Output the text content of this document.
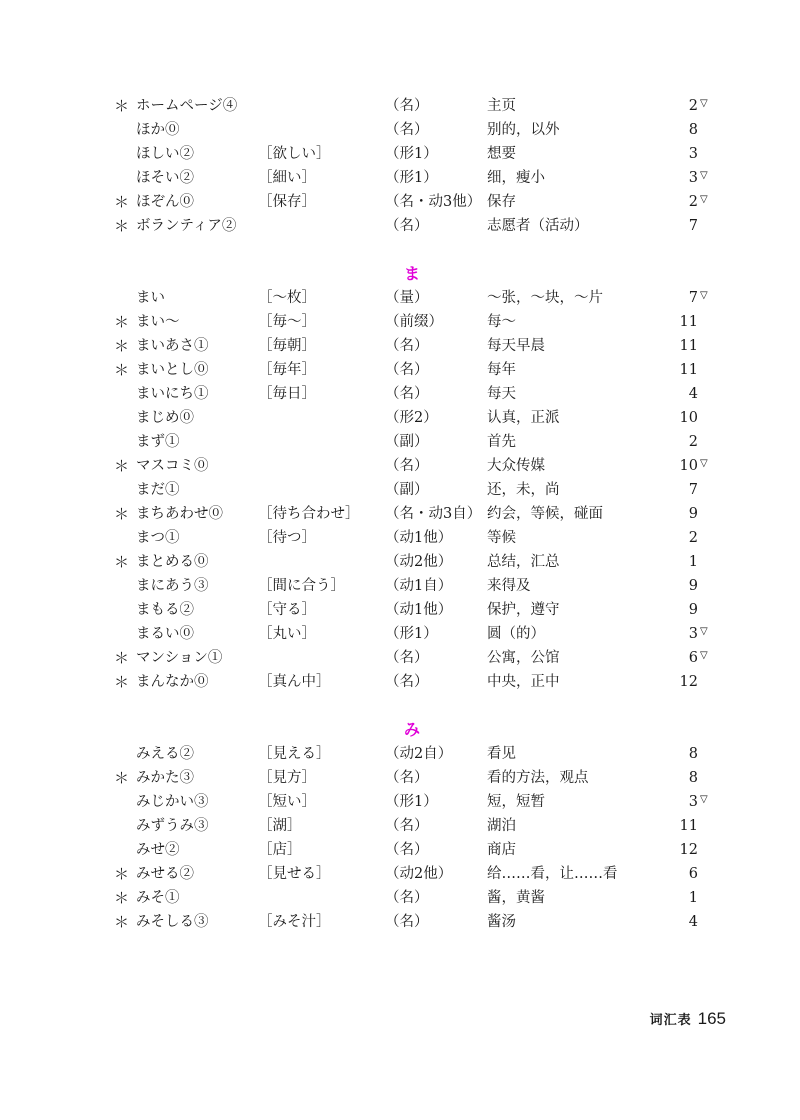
＊ ホームページ④	（名）	主页	2 ▽
ほか⓪	（名）	别的，以外	8
ほしい②	［欲しい］	（形1）	想要	3
ほそい②	［細い］	（形1）	细，瘦小	3 ▽
＊ ほぞん⓪	［保存］	（名・动3他） 保存	2 ▽
＊ ボランティア②	（名）	志愿者（活动）	7
ま
まい	［～枚］	（量）	～张，～块，～片	7 ▽
＊ まい～	［毎～］	（前缀）	每～	11
＊ まいあさ①	［毎朝］	（名）	每天早晨	11
＊ まいとし⓪	［毎年］	（名）	每年	11
まいにち①	［毎日］	（名）	每天	4
まじめ⓪	（形2）	认真，正派	10
まず①	（副）	首先	2
＊ マスコミ⓪	（名）	大众传媒	10 ▽
まだ①	（副）	还，未，尚	7
＊ まちあわせ⓪ ［待ち合わせ］ （名・动3自） 约会，等候，碰面	9
まつ①	［待つ］	（动1他） 等候	2
＊ まとめる⓪	（动2他） 总结，汇总	1
まにあう③	［間に合う］	（动1自） 来得及	9
まもる②	［守る］	（动1他） 保护，遵守	9
まるい⓪	［丸い］	（形1）	圆（的）	3 ▽
＊ マンション①	（名）	公寓，公馆	6 ▽
＊ まんなか⓪	［真ん中］	（名）	中央，正中	12
み
みえる②	［見える］	（动2自） 看见	8
＊ みかた③	［見方］	（名）	看的方法，观点	8
みじかい③	［短い］	（形1）	短，短暂	3 ▽
みずうみ③	［湖］	（名）	湖泊	11
みせ②	［店］	（名）	商店	12
＊ みせる②	［見せる］	（动2他） 给……看，让……看	6
＊ みそ①	（名）	酱，黄酱	1
＊ みそしる③	［みそ汁］	（名）	酱汤	4
词汇表 165
